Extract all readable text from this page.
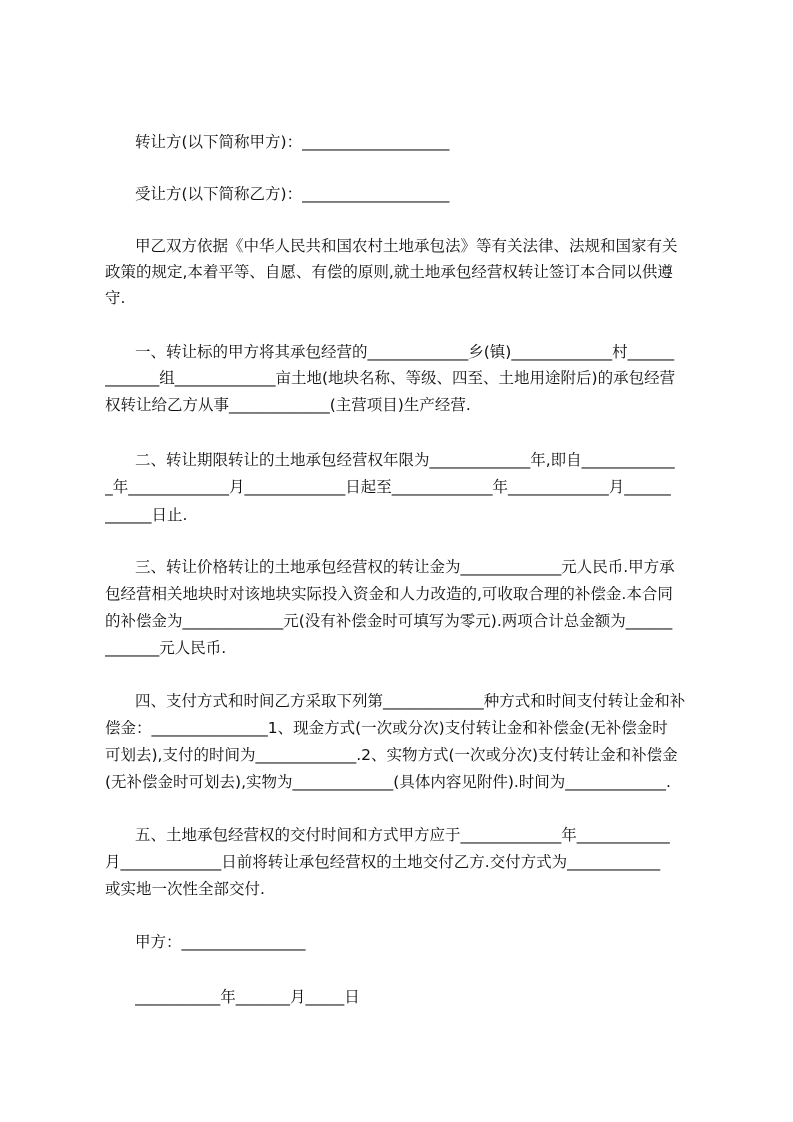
转让方(以下简称甲方)：___________________
受让方(以下简称乙方)：___________________
甲乙双方依据《中华人民共和国农村土地承包法》等有关法律、法规和国家有关
政策的规定,本着平等、自愿、有偿的原则,就土地承包经营权转让签订本合同以供遵
守.
一、转让标的甲方将其承包经营的_____________乡(镇)_____________村______
_______组_____________亩土地(地块名称、等级、四至、土地用途附后)的承包经营
权转让给乙方从事_____________(主营项目)生产经营.
二、转让期限转让的土地承包经营权年限为_____________年,即自____________
_年_____________月_____________日起至_____________年_____________月______
______日止.
三、转让价格转让的土地承包经营权的转让金为_____________元人民币.甲方承
包经营相关地块时对该地块实际投入资金和人力改造的,可收取合理的补偿金.本合同
的补偿金为_____________元(没有补偿金时可填写为零元).两项合计总金额为______
_______元人民币.
四、支付方式和时间乙方采取下列第_____________种方式和时间支付转让金和补
偿金：_______________1、现金方式(一次或分次)支付转让金和补偿金(无补偿金时
可划去),支付的时间为_____________.2、实物方式(一次或分次)支付转让金和补偿金
(无补偿金时可划去),实物为_____________(具体内容见附件).时间为_____________.
五、土地承包经营权的交付时间和方式甲方应于_____________年____________
月_____________日前将转让承包经营权的土地交付乙方.交付方式为____________
或实地一次性全部交付.
甲方：________________
___________年_______月_____日
